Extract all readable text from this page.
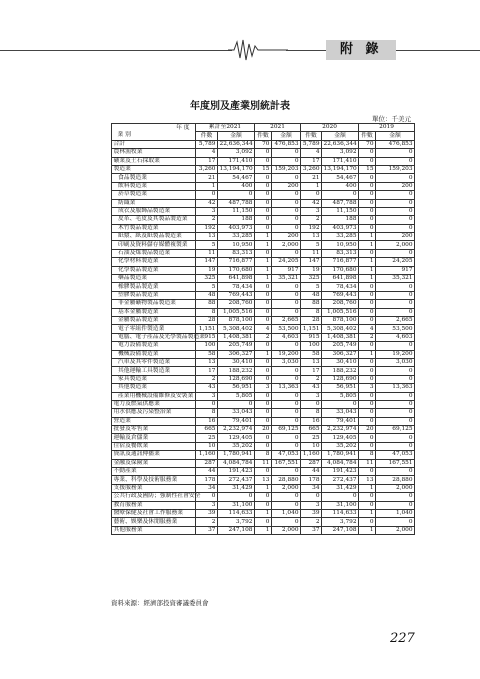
附 錄
年度別及產業別統計表
單位：千美元
年 度
業 別	累計至2021		2021		2020		2019	
	件數	金額	件數	金額	件數	金額	件數	金額
合計	5,789	22,636,344	70	476,853	5,789	22,636,344	70	476,853
農林漁牧業	4	3,092	0	0	4	3,092	0	0
礦業及土石採取業	17	171,410	0	0	17	171,410	0	0
製造業	3,260	13,194,170	15	159,203	3,260	13,194,170	15	159,203
食品製造業	21	54,467	0	0	21	54,467	0	0
飲料製造業	1	400	0	200	1	400	0	200
菸草製造業	0	0	0	0	0	0	0	0
紡織業	42	487,788	0	0	42	487,788	0	0
成衣及服飾品製造業	3	11,150	0	0	3	11,150	0	0
皮革、毛皮及其製品製造業	2	188	0	0	2	188	0	0
木竹製品製造業	192	403,973	0	0	192	403,973	0	0
紙漿、紙及紙製品製造業	13	33,285	1	200	13	33,285	1	200
印刷及資料儲存媒體複製業	5	10,950	1	2,000	5	10,950	1	2,000
石油及煤製品製造業	11	83,313	0	0	11	83,313	0	0
化學材料製造業	147	716,877	1	24,205	147	716,877	1	24,205
化學製品製造業	19	170,680	1	917	19	170,680	1	917
藥品製造業	325	641,898	1	35,321	325	641,898	1	35,321
橡膠製品製造業	5	78,434	0	0	5	78,434	0	0
塑膠製品製造業	48	769,443	0	0	48	769,443	0	0
非金屬礦物製品製造業	88	208,760	0	0	88	208,760	0	0
基本金屬製造業	8	1,005,516	0	0	8	1,005,516	0	0
金屬製品製造業	28	878,100	0	2,665	28	878,100	0	2,665
電子零組件製造業	1,151	5,308,402	4	53,500	1,151	5,308,402	4	53,500
電腦、電子產品及光學製品製造業	915	1,408,381	2	4,603	915	1,408,381	2	4,603
電力設備製造業	100	205,749	0	0	100	205,749	0	0
機械設備製造業	58	306,327	1	19,200	58	306,327	1	19,200
汽車及其零件製造業	13	30,410	0	3,030	13	30,410	0	3,030
其他運輸工具製造業	17	188,232	0	0	17	188,232	0	0
家具製造業	2	128,690	0	0	2	128,690	0	0
其他製造業	43	56,951	3	13,363	43	56,951	3	13,363
產業用機械設備維修及安裝業	3	5,805	0	0	3	5,805	0	0
電力及燃氣供應業	0	0	0	0	0	0	0	0
用水供應及污染整治業	8	33,043	0	0	8	33,043	0	0
營造業	16	79,401	0	0	16	79,401	0	0
批發及零售業	665	2,232,974	20	69,125	665	2,232,974	20	69,125
運輸及倉儲業	25	129,405	0	0	25	129,405	0	0
住宿及餐飲業	10	35,202	0	0	10	35,202	0	0
資訊及通訊傳播業	1,160	1,780,941	8	47,053	1,160	1,780,941	8	47,053
金融及保險業	287	4,084,784	11	167,551	287	4,084,784	11	167,551
不動產業	44	191,423	0	0	44	191,423	0	0
專業、科學及技術服務業	178	272,437	13	28,880	178	272,437	13	28,880
支援服務業	34	31,429	1	2,000	34	31,429	1	2,000
公共行政及國防；強制性社會安全	0	0	0	0	0	0	0	0
教育服務業	3	31,100	0	0	3	31,100	0	0
醫療保健及社會工作服務業	39	114,633	1	1,040	39	114,633	1	1,040
藝術、娛樂及休閒服務業	2	3,792	0	0	2	3,792	0	0
其他服務業	37	247,108	1	2,000	37	247,108	1	2,000
資料來源：經濟部投資審議委員會
227
